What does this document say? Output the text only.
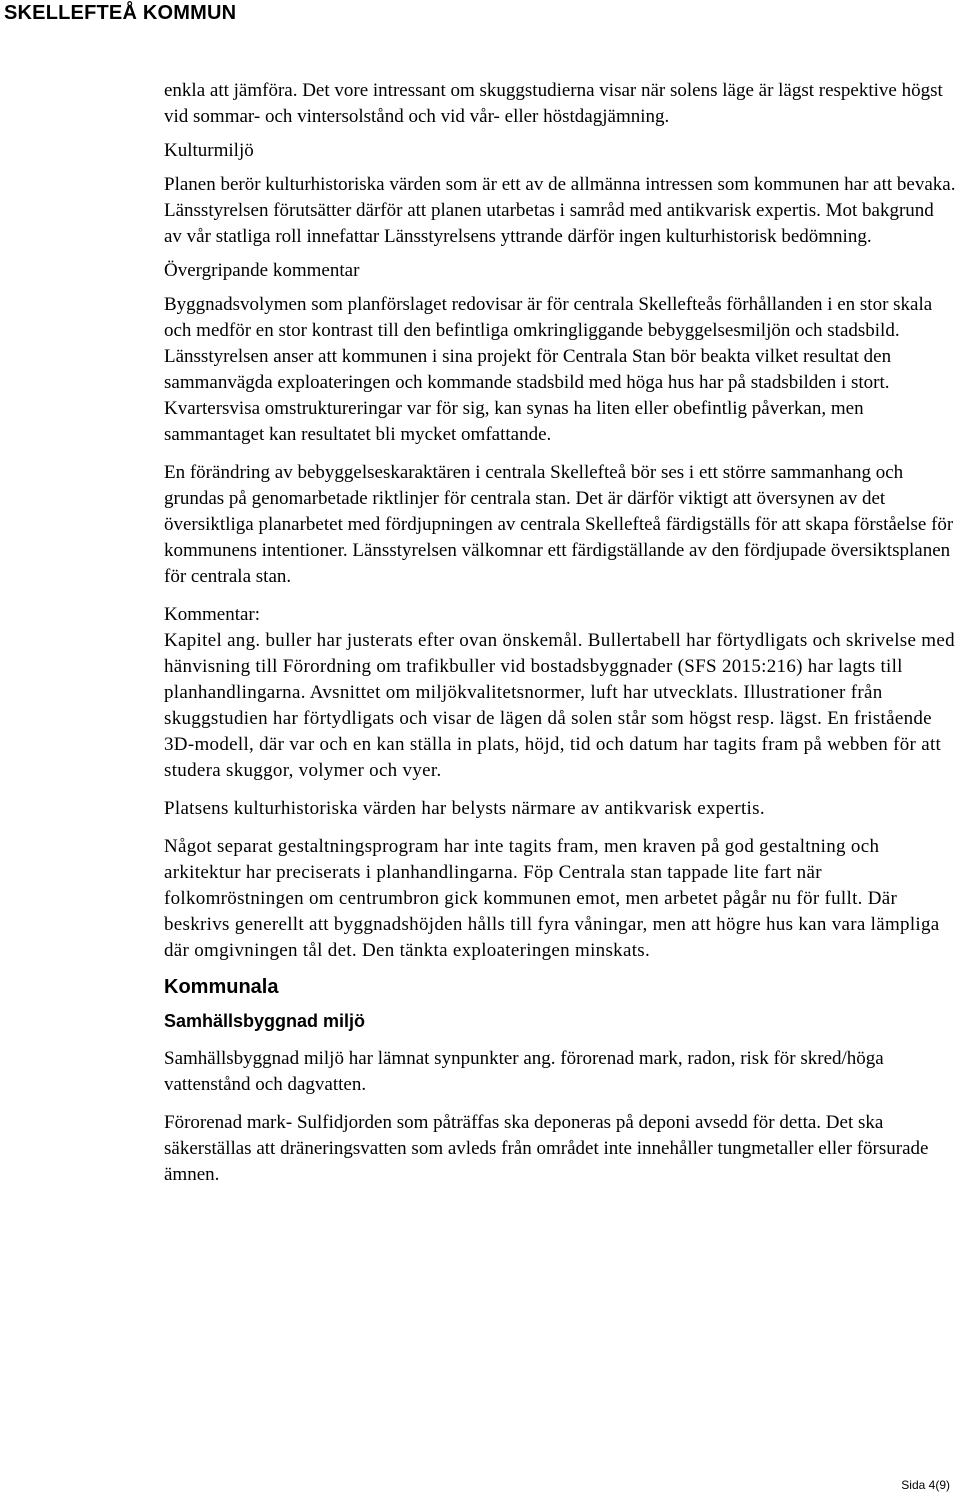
SKELLEFTEÅ KOMMUN

enkla att jämföra. Det vore intressant om skuggstudierna visar när solens läge är lägst respektive högst vid sommar- och vintersolstånd och vid vår- eller höstdagjämning.

Kulturmiljö

Planen berör kulturhistoriska värden som är ett av de allmänna intressen som kommunen har att bevaka. Länsstyrelsen förutsätter därför att planen utarbetas i samråd med antikvarisk expertis. Mot bakgrund av vår statliga roll innefattar Länsstyrelsens yttrande därför ingen kulturhistorisk bedömning.

Övergripande kommentar

Byggnadsvolymen som planförslaget redovisar är för centrala Skellefteås förhållanden i en stor skala och medför en stor kontrast till den befintliga omkringliggande bebyggelsesmiljön och stadsbild. Länsstyrelsen anser att kommunen i sina projekt för Centrala Stan bör beakta vilket resultat den sammanvägda exploateringen och kommande stadsbild med höga hus har på stadsbilden i stort. Kvartersvisa omstruktureringar var för sig, kan synas ha liten eller obefintlig påverkan, men sammantaget kan resultatet bli mycket omfattande.

En förändring av bebyggelseskaraktären i centrala Skellefteå bör ses i ett större sammanhang och grundas på genomarbetade riktlinjer för centrala stan. Det är därför viktigt att översynen av det översiktliga planarbetet med fördjupningen av centrala Skellefteå färdigställs för att skapa förståelse för kommunens intentioner. Länsstyrelsen välkomnar ett färdigställande av den fördjupade översiktsplanen för centrala stan.

Kommentar:

Kapitel ang. buller har justerats efter ovan önskemål. Bullertabell har förtydligats och skrivelse med hänvisning till Förordning om trafikbuller vid bostadsbyggnader (SFS 2015:216) har lagts till planhandlingarna. Avsnittet om miljökvalitetsnormer, luft har utvecklats. Illustrationer från skuggstudien har förtydligats och visar de lägen då solen står som högst resp. lägst. En fristående 3D-modell, där var och en kan ställa in plats, höjd, tid och datum har tagits fram på webben för att studera skuggor, volymer och vyer.

Platsens kulturhistoriska värden har belysts närmare av antikvarisk expertis.

Något separat gestaltningsprogram har inte tagits fram, men kraven på god gestaltning och arkitektur har preciserats i planhandlingarna. Föp Centrala stan tappade lite fart när folkomröstningen om centrumbron gick kommunen emot, men arbetet pågår nu för fullt. Där beskrivs generellt att byggnadshöjden hålls till fyra våningar, men att högre hus kan vara lämpliga där omgivningen tål det. Den tänkta exploateringen minskats.

Kommunala
Samhällsbyggnad miljö

Samhällsbyggnad miljö har lämnat synpunkter ang. förorenad mark, radon, risk för skred/höga vattenstånd och dagvatten.

Förorenad mark- Sulfidjorden som påträffas ska deponeras på deponi avsedd för detta. Det ska säkerställas att dräneringsvatten som avleds från området inte innehåller tungmetaller eller försurade ämnen.

Sida 4(9)
